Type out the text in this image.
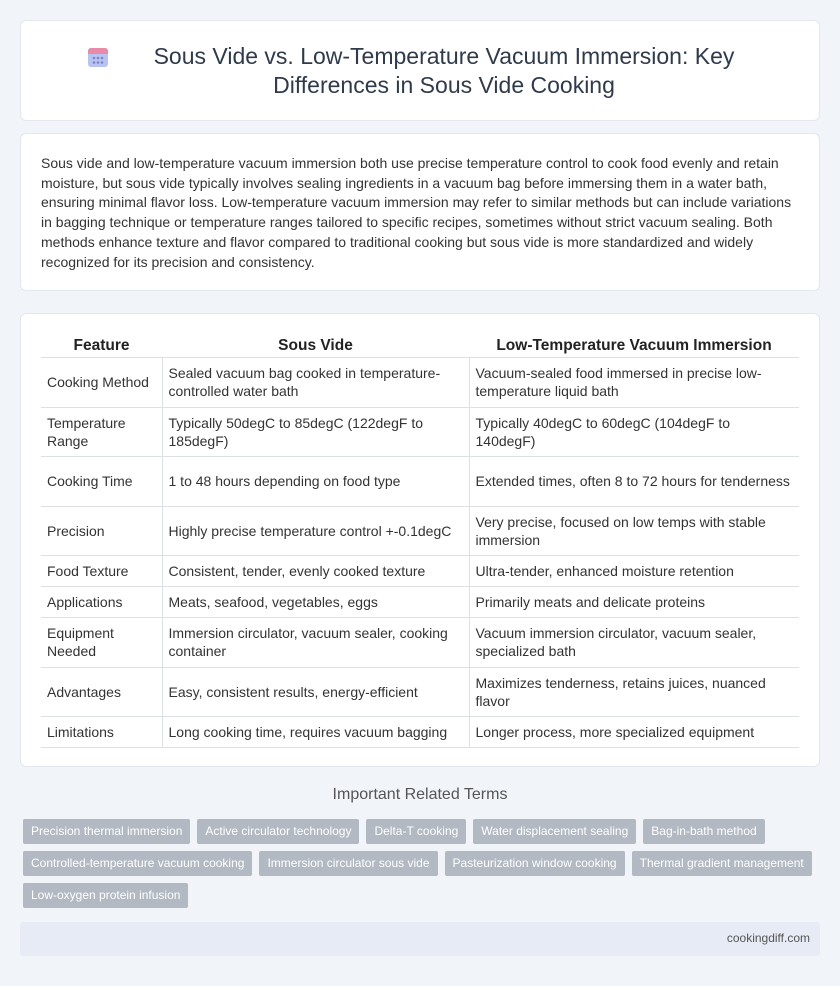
Sous Vide vs. Low-Temperature Vacuum Immersion: Key Differences in Sous Vide Cooking

Sous vide and low-temperature vacuum immersion both use precise temperature control to cook food evenly and retain moisture, but sous vide typically involves sealing ingredients in a vacuum bag before immersing them in a water bath, ensuring minimal flavor loss. Low-temperature vacuum immersion may refer to similar methods but can include variations in bagging technique or temperature ranges tailored to specific recipes, sometimes without strict vacuum sealing. Both methods enhance texture and flavor compared to traditional cooking but sous vide is more standardized and widely recognized for its precision and consistency.

Feature	Sous Vide	Low-Temperature Vacuum Immersion
Cooking Method	Sealed vacuum bag cooked in temperature-controlled water bath	Vacuum-sealed food immersed in precise low-temperature liquid bath
Temperature Range	Typically 50degC to 85degC (122degF to 185degF)	Typically 40degC to 60degC (104degF to 140degF)
Cooking Time	1 to 48 hours depending on food type	Extended times, often 8 to 72 hours for tenderness
Precision	Highly precise temperature control +-0.1degC	Very precise, focused on low temps with stable immersion
Food Texture	Consistent, tender, evenly cooked texture	Ultra-tender, enhanced moisture retention
Applications	Meats, seafood, vegetables, eggs	Primarily meats and delicate proteins
Equipment Needed	Immersion circulator, vacuum sealer, cooking container	Vacuum immersion circulator, vacuum sealer, specialized bath
Advantages	Easy, consistent results, energy-efficient	Maximizes tenderness, retains juices, nuanced flavor
Limitations	Long cooking time, requires vacuum bagging	Longer process, more specialized equipment
Important Related Terms
Precision thermal immersion	Active circulator technology	Delta-T cooking	Water displacement sealing	Bag-in-bath method
Controlled-temperature vacuum cooking	Immersion circulator sous vide	Pasteurization window cooking	Thermal gradient management
Low-oxygen protein infusion
cookingdiff.com
